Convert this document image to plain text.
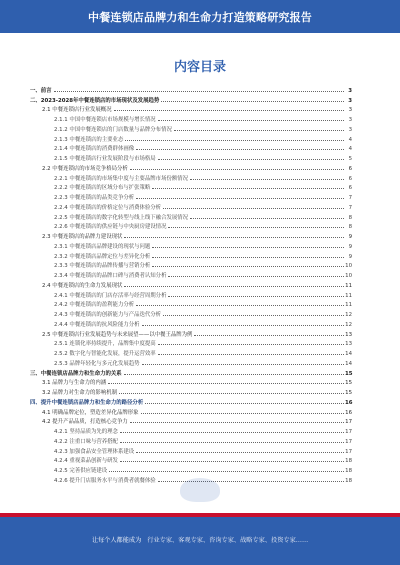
中餐连锁店品牌力和生命力打造策略研究报告
内容目录
一、前言	3
二、2023-2028年中餐连锁店的市场现状及发展趋势	3
2.1 中餐连锁店行业发展概况	3
2.1.1 中国中餐连锁店市场规模与增长情况	3
2.1.2 中国中餐连锁店的门店数量与品牌分布情况	3
2.1.3 中餐连锁店的主要业态	4
2.1.4 中餐连锁店的消费群体画像	4
2.1.5 中餐连锁店行业发展阶段与市场格局	5
2.2 中餐连锁店的市场竞争格局分析	6
2.2.1 中餐连锁店的市场集中度与主要品牌市场份额情况	6
2.2.2 中餐连锁店的区域分布与扩张策略	6
2.2.3 中餐连锁店的品类竞争分析	7
2.2.4 中餐连锁店的价格定位与消费体验分析	7
2.2.5 中餐连锁店的数字化转型与线上线下融合发展情况	8
2.2.6 中餐连锁店的供应链与中央厨房建设情况	8
2.3 中餐连锁店的品牌力建设现状	9
2.3.1 中餐连锁店品牌建设的现状与问题	9
2.3.2 中餐连锁店品牌定位与差异化分析	9
2.3.3 中餐连锁店的品牌传播与营销分析	10
2.3.4 中餐连锁店的品牌口碑与消费者认知分析	10
2.4 中餐连锁店的生命力发展现状	11
2.4.1 中餐连锁店的门店存活率与经营周期分析	11
2.4.2 中餐连锁店的盈利能力分析	11
2.4.3 中餐连锁店的创新能力与产品迭代分析	12
2.4.4 中餐连锁店的抗风险能力分析	12
2.5 中餐连锁店行业发展趋势与未来展望——以中餐王品牌为例	13
2.5.1 连锁化率持续提升，品牌集中度提高	13
2.5.2 数字化与智能化发展，提升运营效率	14
2.5.3 品牌年轻化与多元化发展趋势	14
三、中餐连锁店品牌力和生命力的关系	15
3.1 品牌力与生命力的内涵	15
3.2 品牌力对生命力的影响机制	15
四、提升中餐连锁店品牌力和生命力的路径分析	16
4.1 明确品牌定位，塑造差异化品牌形象	16
4.2 提升产品品质，打造核心竞争力	17
4.2.1 坚持品质为先的理念	17
4.2.2 注重口味与营养搭配	17
4.2.3 加强食品安全管理体系建设	17
4.2.4 重视菜品创新与研发	18
4.2.5 完善供应链建设	18
4.2.6 提升门店服务水平与消费者就餐体验	18
让每个人都能成为 行业专家、客观专家、咨询专家、战略专家、投资专家……
